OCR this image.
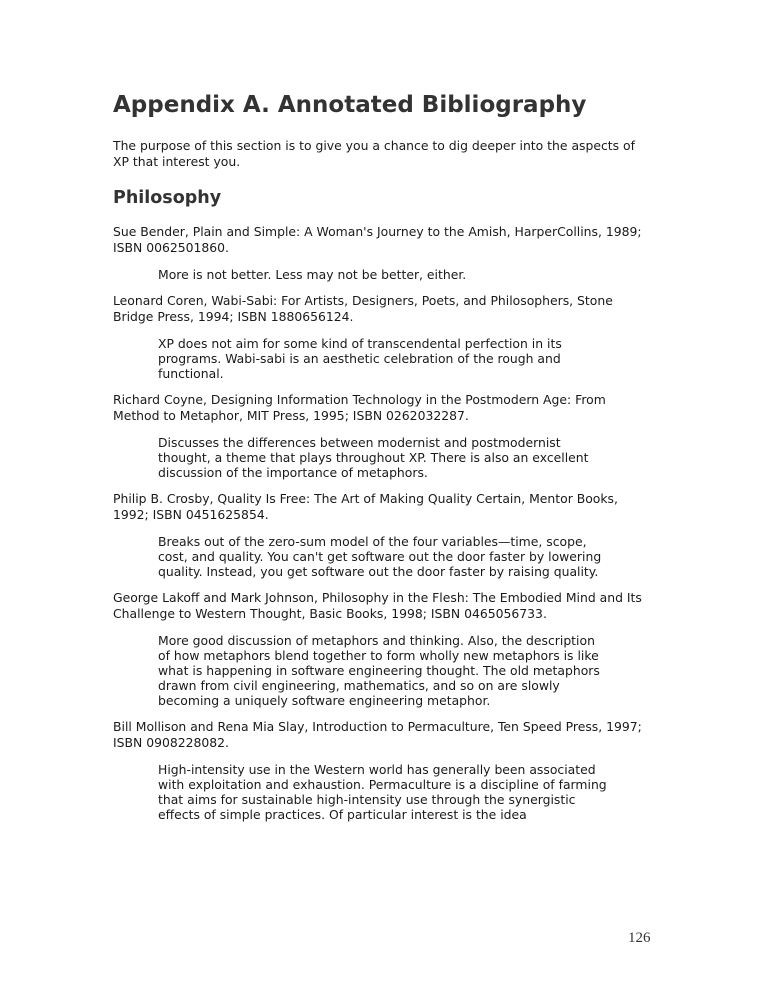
Appendix A. Annotated Bibliography

The purpose of this section is to give you a chance to dig deeper into the aspects of XP that interest you.

Philosophy

Sue Bender, Plain and Simple: A Woman's Journey to the Amish, HarperCollins, 1989; ISBN 0062501860.

More is not better. Less may not be better, either.

Leonard Coren, Wabi-Sabi: For Artists, Designers, Poets, and Philosophers, Stone Bridge Press, 1994; ISBN 1880656124.

XP does not aim for some kind of transcendental perfection in its programs. Wabi-sabi is an aesthetic celebration of the rough and functional.

Richard Coyne, Designing Information Technology in the Postmodern Age: From Method to Metaphor, MIT Press, 1995; ISBN 0262032287.

Discusses the differences between modernist and postmodernist thought, a theme that plays throughout XP. There is also an excellent discussion of the importance of metaphors.

Philip B. Crosby, Quality Is Free: The Art of Making Quality Certain, Mentor Books, 1992; ISBN 0451625854.

Breaks out of the zero-sum model of the four variables—time, scope, cost, and quality. You can't get software out the door faster by lowering quality. Instead, you get software out the door faster by raising quality.

George Lakoff and Mark Johnson, Philosophy in the Flesh: The Embodied Mind and Its Challenge to Western Thought, Basic Books, 1998; ISBN 0465056733.

More good discussion of metaphors and thinking. Also, the description of how metaphors blend together to form wholly new metaphors is like what is happening in software engineering thought. The old metaphors drawn from civil engineering, mathematics, and so on are slowly becoming a uniquely software engineering metaphor.

Bill Mollison and Rena Mia Slay, Introduction to Permaculture, Ten Speed Press, 1997; ISBN 0908228082.

High-intensity use in the Western world has generally been associated with exploitation and exhaustion. Permaculture is a discipline of farming that aims for sustainable high-intensity use through the synergistic effects of simple practices. Of particular interest is the idea

126
